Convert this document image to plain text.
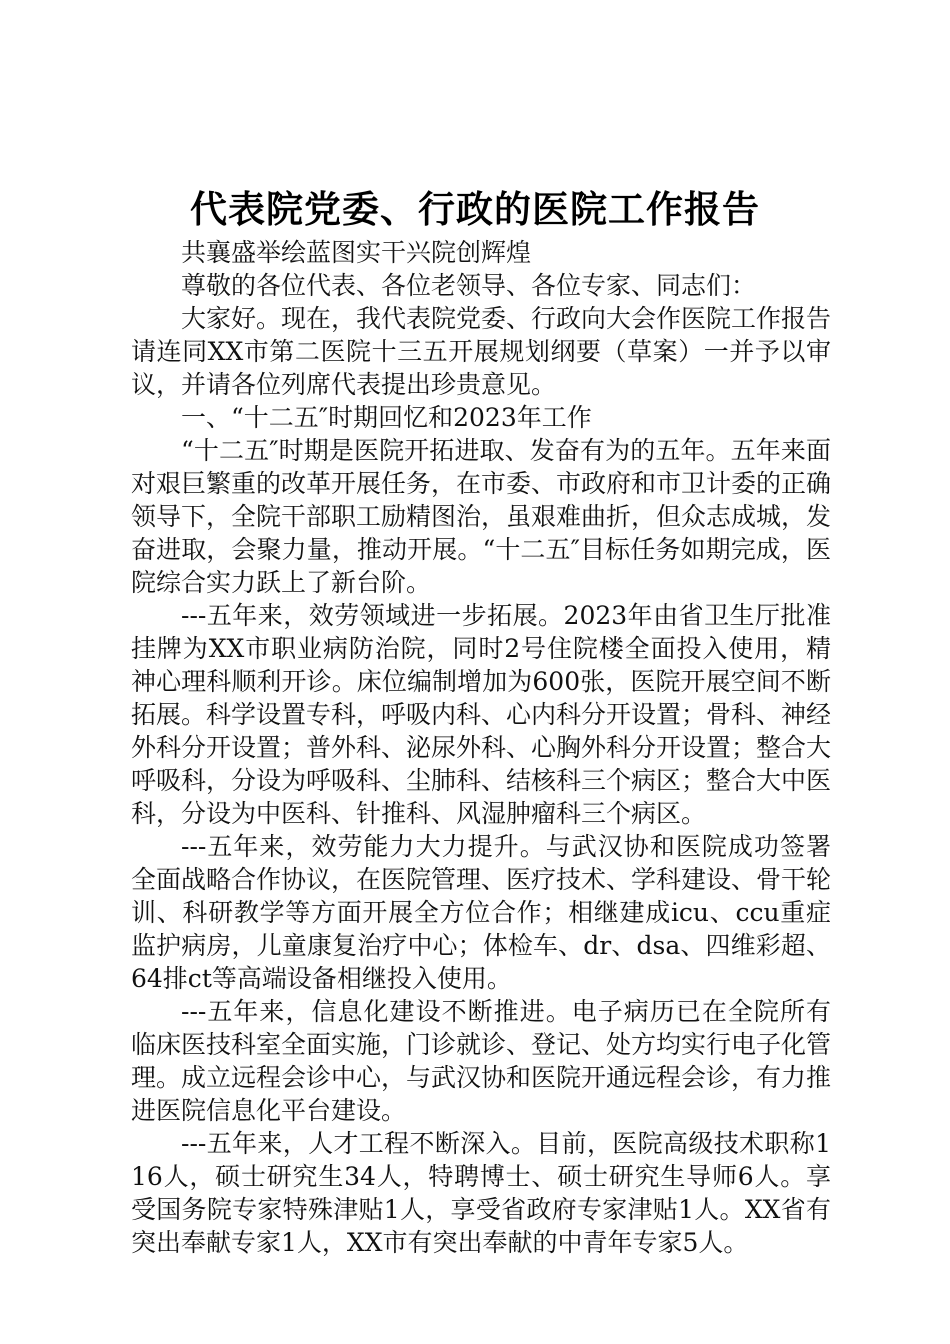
代表院党委、行政的医院工作报告

共襄盛举绘蓝图实干兴院创辉煌

尊敬的各位代表、各位老领导、各位专家、同志们：

大家好。现在，我代表院党委、行政向大会作医院工作报告请连同XX市第二医院十三五开展规划纲要（草案）一并予以审议，并请各位列席代表提出珍贵意见。

一、“十二五″时期回忆和2023年工作

“十二五″时期是医院开拓进取、发奋有为的五年。五年来面对艰巨繁重的改革开展任务，在市委、市政府和市卫计委的正确领导下，全院干部职工励精图治，虽艰难曲折，但众志成城，发奋进取，会聚力量，推动开展。“十二五″目标任务如期完成，医院综合实力跃上了新台阶。

---五年来，效劳领域进一步拓展。2023年由省卫生厅批准挂牌为XX市职业病防治院，同时2号住院楼全面投入使用，精神心理科顺利开诊。床位编制增加为600张，医院开展空间不断拓展。科学设置专科，呼吸内科、心内科分开设置；骨科、神经外科分开设置；普外科、泌尿外科、心胸外科分开设置；整合大呼吸科，分设为呼吸科、尘肺科、结核科三个病区；整合大中医科，分设为中医科、针推科、风湿肿瘤科三个病区。

---五年来，效劳能力大力提升。与武汉协和医院成功签署全面战略合作协议，在医院管理、医疗技术、学科建设、骨干轮训、科研教学等方面开展全方位合作；相继建成icu、ccu重症监护病房，儿童康复治疗中心；体检车、dr、dsa、四维彩超、64排ct等高端设备相继投入使用。

---五年来，信息化建设不断推进。电子病历已在全院所有临床医技科室全面实施，门诊就诊、登记、处方均实行电子化管理。成立远程会诊中心，与武汉协和医院开通远程会诊，有力推进医院信息化平台建设。

---五年来，人才工程不断深入。目前，医院高级技术职称116人，硕士研究生34人，特聘博士、硕士研究生导师6人。享受国务院专家特殊津贴1人，享受省政府专家津贴1人。XX省有突出奉献专家1人，XX市有突出奉献的中青年专家5人。
